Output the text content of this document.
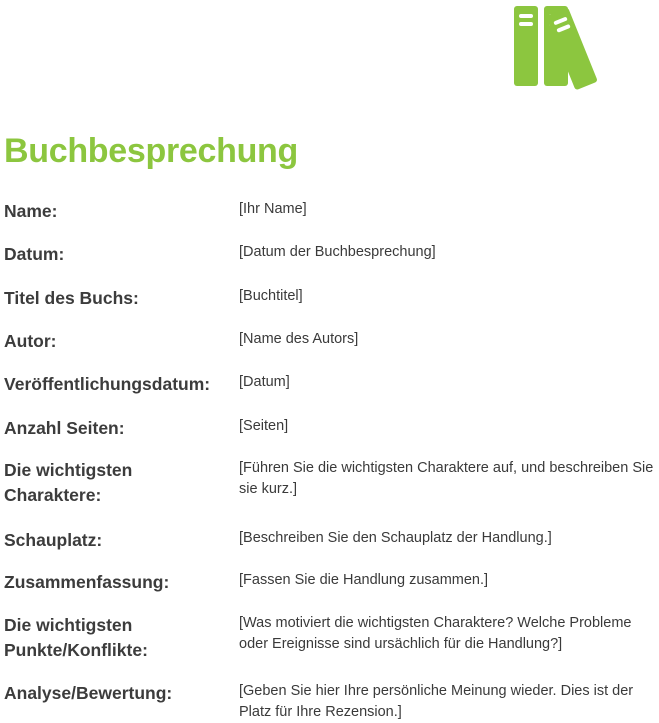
Buchbesprechung
Name:	[Ihr Name]
Datum:	[Datum der Buchbesprechung]
Titel des Buchs:	[Buchtitel]
Autor:	[Name des Autors]
Veröffentlichungsdatum:	[Datum]
Anzahl Seiten:	[Seiten]
Die wichtigsten Charaktere:
[Führen Sie die wichtigsten Charaktere auf, und beschreiben Sie sie kurz.]
Schauplatz:	[Beschreiben Sie den Schauplatz der Handlung.]
Zusammenfassung:	[Fassen Sie die Handlung zusammen.]
Die wichtigsten Punkte/Konflikte:
[Was motiviert die wichtigsten Charaktere? Welche Probleme oder Ereignisse sind ursächlich für die Handlung?]
Analyse/Bewertung:	[Geben Sie hier Ihre persönliche Meinung wieder. Dies ist der Platz für Ihre Rezension.]
